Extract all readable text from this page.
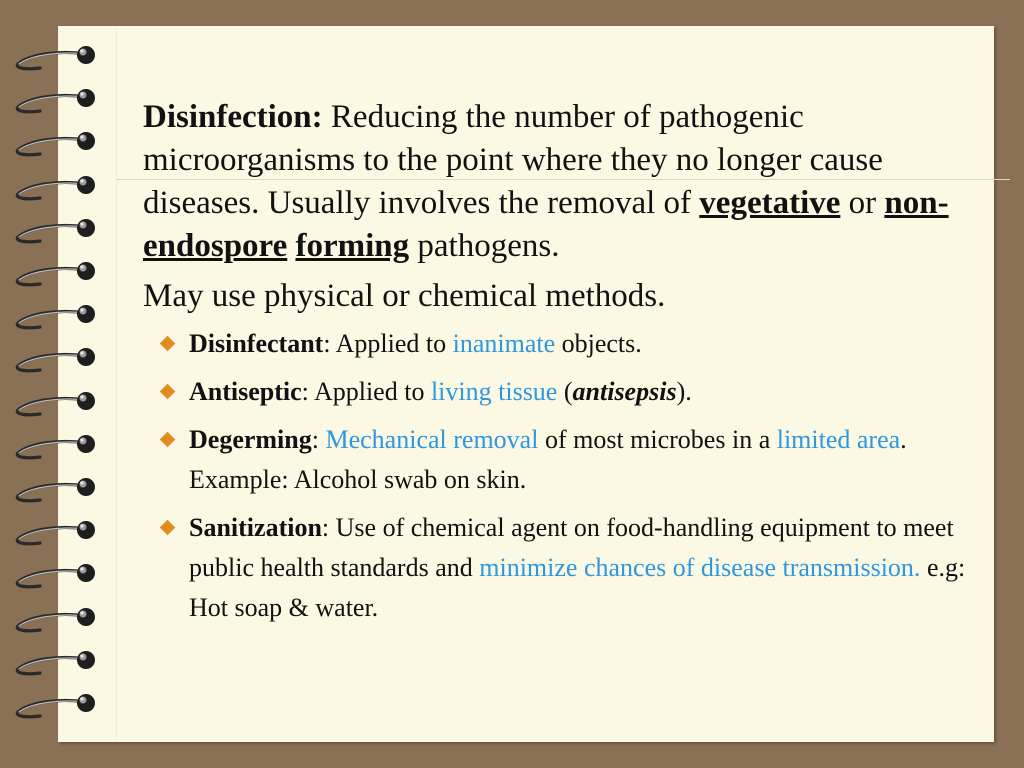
Disinfection: Reducing the number of pathogenic microorganisms to the point where they no longer cause diseases. Usually involves the removal of vegetative or non-endospore forming pathogens.

May use physical or chemical methods.

Disinfectant: Applied to inanimate objects.
Antiseptic: Applied to living tissue (antisepsis).
Degerming: Mechanical removal of most microbes in a limited area. Example: Alcohol swab on skin.
Sanitization: Use of chemical agent on food-handling equipment to meet public health standards and minimize chances of disease transmission. e.g: Hot soap & water.
